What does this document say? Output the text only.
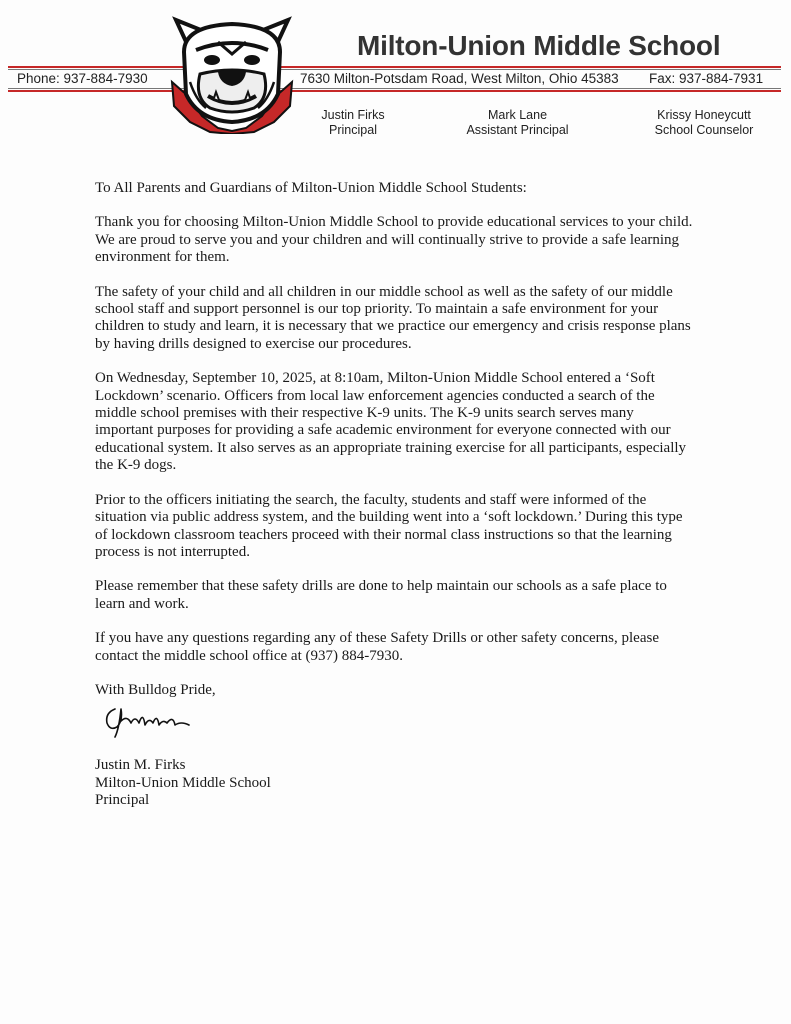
Milton-Union Middle School
Phone: 937-884-7930	7630 Milton-Potsdam Road, West Milton, Ohio 45383 Fax: 937-884-7931
Justin Firks
Principal
Mark Lane
Assistant Principal
Krissy Honeycutt
School Counselor

To All Parents and Guardians of Milton-Union Middle School Students:

Thank you for choosing Milton-Union Middle School to provide educational services to your child. We are proud to serve you and your children and will continually strive to provide a safe learning environment for them.

The safety of your child and all children in our middle school as well as the safety of our middle school staff and support personnel is our top priority. To maintain a safe environment for your children to study and learn, it is necessary that we practice our emergency and crisis response plans by having drills designed to exercise our procedures.

On Wednesday, September 10, 2025, at 8:10am, Milton-Union Middle School entered a ‘Soft Lockdown’ scenario. Officers from local law enforcement agencies conducted a search of the middle school premises with their respective K-9 units. The K-9 units search serves many important purposes for providing a safe academic environment for everyone connected with our educational system. It also serves as an appropriate training exercise for all participants, especially the K-9 dogs.

Prior to the officers initiating the search, the faculty, students and staff were informed of the situation via public address system, and the building went into a ‘soft lockdown.’ During this type of lockdown classroom teachers proceed with their normal class instructions so that the learning process is not interrupted.

Please remember that these safety drills are done to help maintain our schools as a safe place to learn and work.

If you have any questions regarding any of these Safety Drills or other safety concerns, please contact the middle school office at (937) 884-7930.

With Bulldog Pride,
Justin M. Firks
Milton-Union Middle School
Principal
